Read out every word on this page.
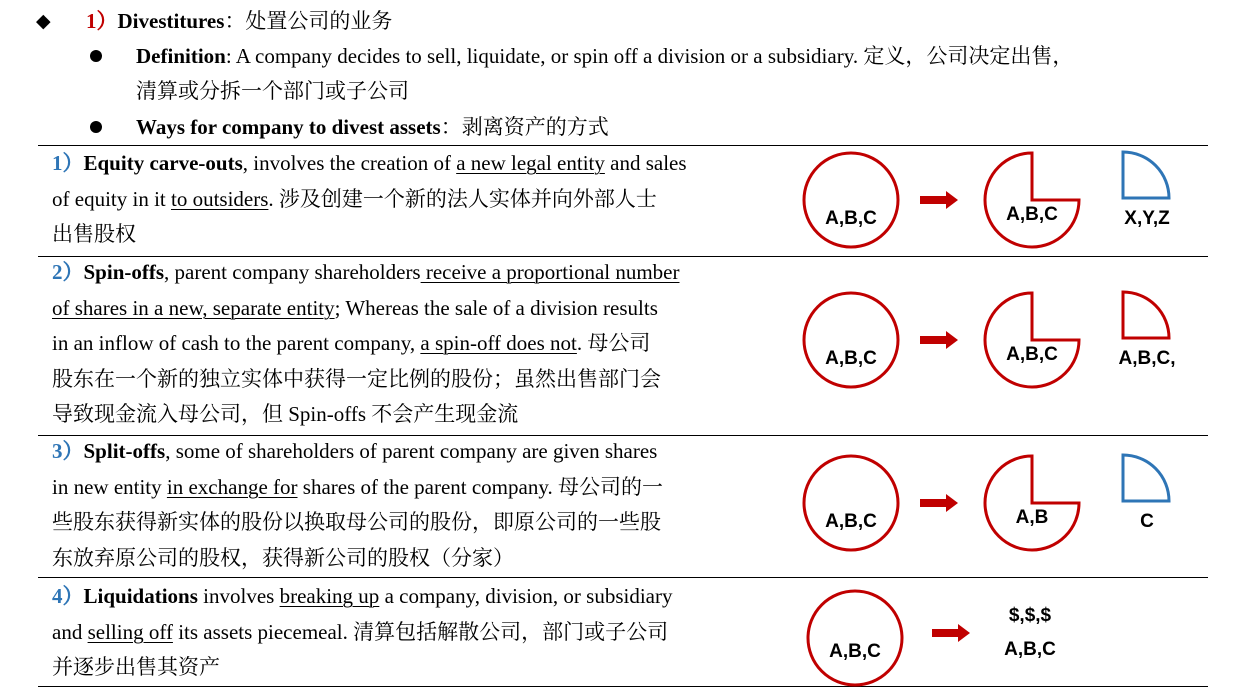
◆ 1）Divestitures：处置公司的业务
Definition: A company decides to sell, liquidate, or spin off a division or a subsidiary. 定义，公司决定出售，
清算或分拆一个部门或子公司
Ways for company to divest assets：剥离资产的方式
1）Equity carve-outs, involves the creation of a new legal entity and sales
of equity in it to outsiders. 涉及创建一个新的法人实体并向外部人士
出售股权
2）Spin-offs, parent company shareholders receive a proportional number
of shares in a new, separate entity; Whereas the sale of a division results
in an inflow of cash to the parent company, a spin-off does not. 母公司
股东在一个新的独立实体中获得一定比例的股份；虽然出售部门会
导致现金流入母公司，但 Spin-offs 不会产生现金流
3）Split-offs, some of shareholders of parent company are given shares
in new entity in exchange for shares of the parent company. 母公司的一
些股东获得新实体的股份以换取母公司的股份，即原公司的一些股
东放弃原公司的股权，获得新公司的股权（分家）
4）Liquidations involves breaking up a company, division, or subsidiary
and selling off its assets piecemeal. 清算包括解散公司，部门或子公司
并逐步出售其资产
A,B,C	A,B,C	X,Y,Z
A,B,C	A,B,C	A,B,C,
A,B,C	A,B	C
A,B,C
$,$,$
A,B,C
